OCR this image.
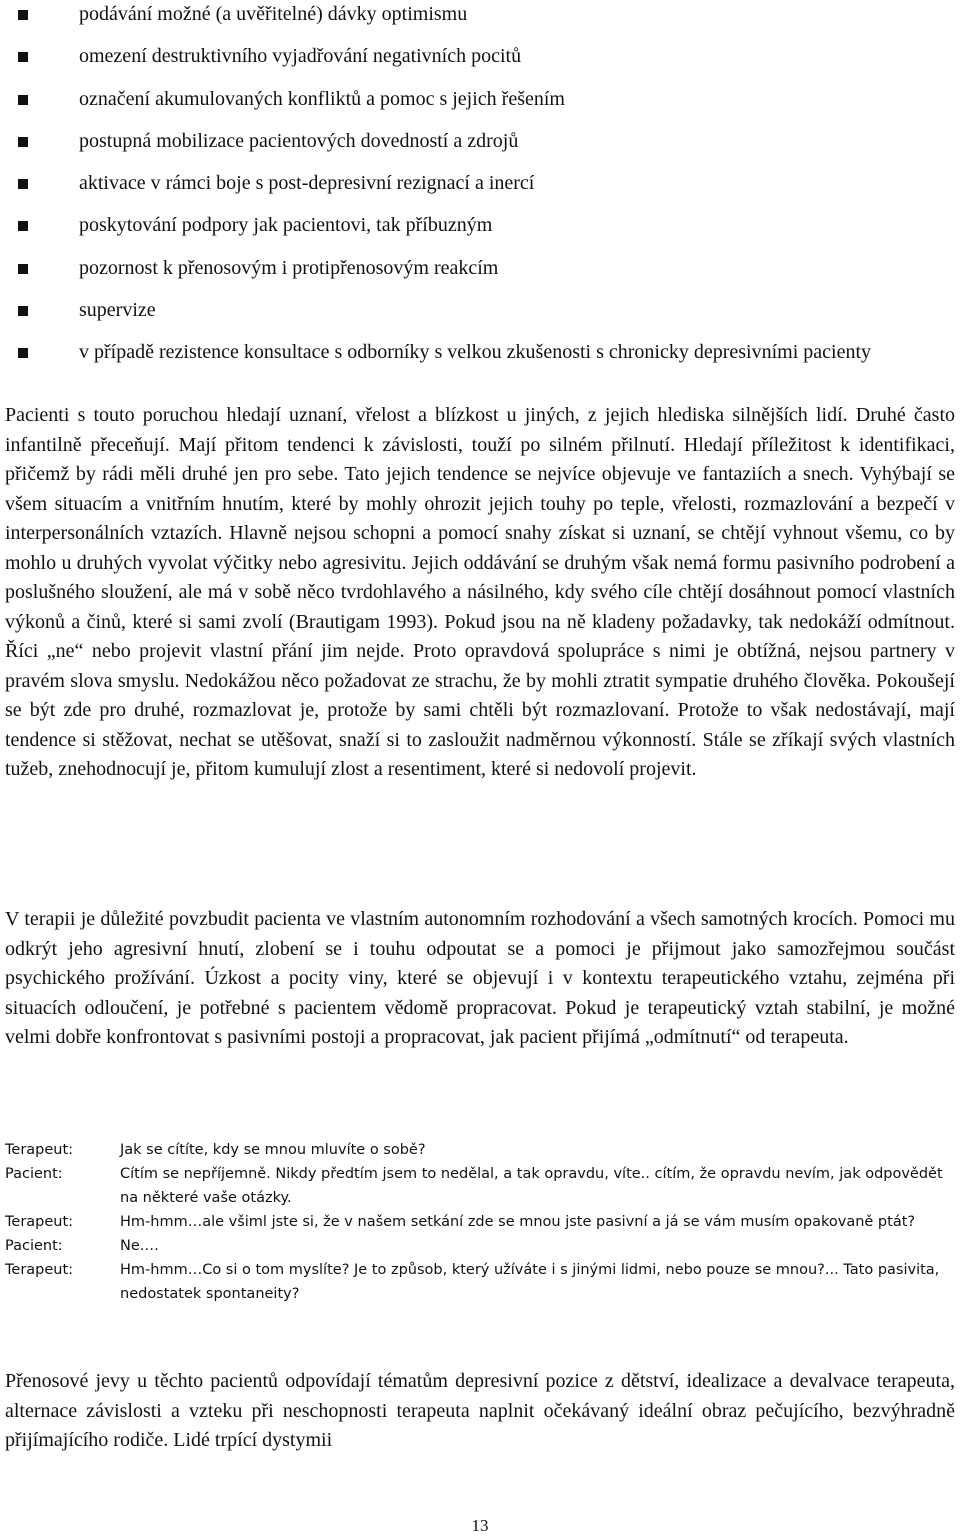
podávání možné (a uvěřitelné) dávky optimismu
omezení destruktivního vyjadřování negativních pocitů
označení akumulovaných konfliktů a pomoc s jejich řešením
postupná mobilizace pacientových dovedností a zdrojů
aktivace v rámci boje s post-depresivní rezignací a inercí
poskytování podpory jak pacientovi, tak příbuzným
pozornost k přenosovým i protipřenosovým reakcím
supervize
v případě rezistence konsultace s odborníky s velkou zkušenosti s chronicky depresivními pacienty

Pacienti s touto poruchou hledají uznaní, vřelost a blízkost u jiných, z jejich hlediska silnějších lidí. Druhé často infantilně přeceňují. Mají přitom tendenci k závislosti, touží po silném přilnutí. Hledají příležitost k identifikaci, přičemž by rádi měli druhé jen pro sebe. Tato jejich tendence se nejvíce objevuje ve fantaziích a snech. Vyhýbají se všem situacím a vnitřním hnutím, které by mohly ohrozit jejich touhy po teple, vřelosti, rozmazlování a bezpečí v interpersonálních vztazích. Hlavně nejsou schopni a pomocí snahy získat si uznaní, se chtějí vyhnout všemu, co by mohlo u druhých vyvolat výčitky nebo agresivitu. Jejich oddávání se druhým však nemá formu pasivního podrobení a poslušného sloužení, ale má v sobě něco tvrdohlavého a násilného, kdy svého cíle chtějí dosáhnout pomocí vlastních výkonů a činů, které si sami zvolí (Brautigam 1993). Pokud jsou na ně kladeny požadavky, tak nedokáží odmítnout. Říci „ne“ nebo projevit vlastní přání jim nejde. Proto opravdová spolupráce s nimi je obtížná, nejsou partnery v pravém slova smyslu. Nedokážou něco požadovat ze strachu, že by mohli ztratit sympatie druhého člověka. Pokoušejí se být zde pro druhé, rozmazlovat je, protože by sami chtěli být rozmazlovaní. Protože to však nedostávají, mají tendence si stěžovat, nechat se utěšovat, snaží si to zasloužit nadměrnou výkonností. Stále se zříkají svých vlastních tužeb, znehodnocují je, přitom kumulují zlost a resentiment, které si nedovolí projevit.

V terapii je důležité povzbudit pacienta ve vlastním autonomním rozhodování a všech samotných krocích. Pomoci mu odkrýt jeho agresivní hnutí, zlobení se i touhu odpoutat se a pomoci je přijmout jako samozřejmou součást psychického prožívání. Úzkost a pocity viny, které se objevují i v kontextu terapeutického vztahu, zejména při situacích odloučení, je potřebné s pacientem vědomě propracovat. Pokud je terapeutický vztah stabilní, je možné velmi dobře konfrontovat s pasivními postoji a propracovat, jak pacient přijímá „odmítnutí“ od terapeuta.

Terapeut:	Jak se cítíte, kdy se mnou mluvíte o sobě?
Pacient:	Cítím se nepříjemně. Nikdy předtím jsem to nedělal, a tak opravdu, víte.. cítím, že opravdu nevím, jak odpovědět na některé vaše otázky.
Terapeut:	Hm-hmm…ale všiml jste si, že v našem setkání zde se mnou jste pasivní a já se vám musím opakovaně ptát?
Pacient:	Ne.…
Terapeut:	Hm-hmm…Co si o tom myslíte? Je to způsob, který užíváte i s jinými lidmi, nebo pouze se mnou?... Tato pasivita, nedostatek spontaneity?

Přenosové jevy u těchto pacientů odpovídají tématům depresivní pozice z dětství, idealizace a devalvace terapeuta, alternace závislosti a vzteku při neschopnosti terapeuta naplnit očekávaný ideální obraz pečujícího, bezvýhradně přijímajícího rodiče. Lidé trpící dystymii

13
